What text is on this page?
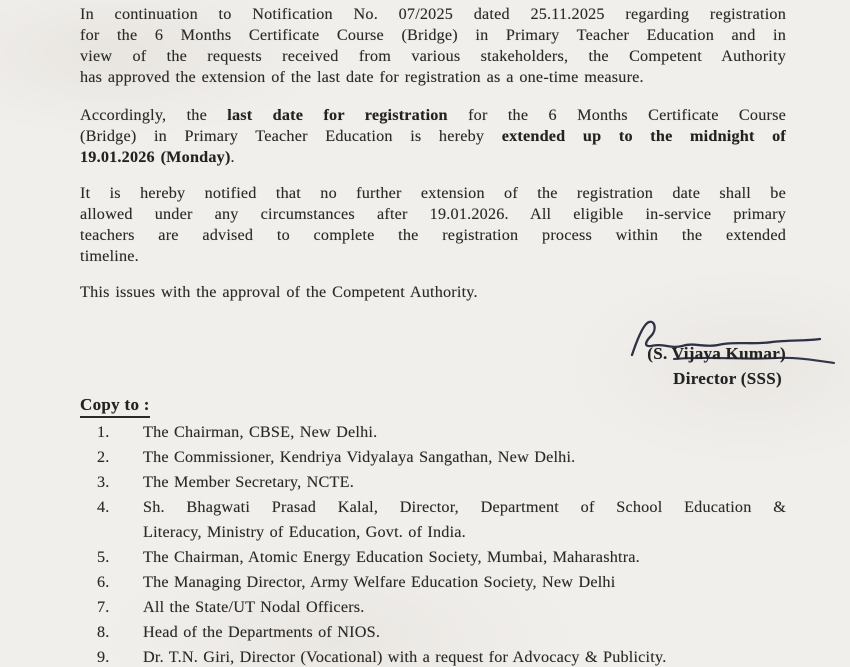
In continuation to Notification No. 07/2025 dated 25.11.2025 regarding registration
for the 6 Months Certificate Course (Bridge) in Primary Teacher Education and in
view of the requests received from various stakeholders, the Competent Authority
has approved the extension of the last date for registration as a one-time measure.
Accordingly, the last date for registration for the 6 Months Certificate Course
(Bridge) in Primary Teacher Education is hereby extended up to the midnight of
19.01.2026 (Monday).
It is hereby notified that no further extension of the registration date shall be
allowed under any circumstances after 19.01.2026. All eligible in-service primary
teachers are advised to complete the registration process within the extended
timeline.
This issues with the approval of the Competent Authority.
(S. Vijaya Kumar)
Director (SSS)
Copy to :
1.	The Chairman, CBSE, New Delhi.
2.	The Commissioner, Kendriya Vidyalaya Sangathan, New Delhi.
3.	The Member Secretary, NCTE.
4.	Sh. Bhagwati Prasad Kalal, Director, Department of School Education &
Literacy, Ministry of Education, Govt. of India.
5.	The Chairman, Atomic Energy Education Society, Mumbai, Maharashtra.
6.	The Managing Director, Army Welfare Education Society, New Delhi
7.	All the State/UT Nodal Officers.
8.	Head of the Departments of NIOS.
9.	Dr. T.N. Giri, Director (Vocational) with a request for Advocacy & Publicity.
